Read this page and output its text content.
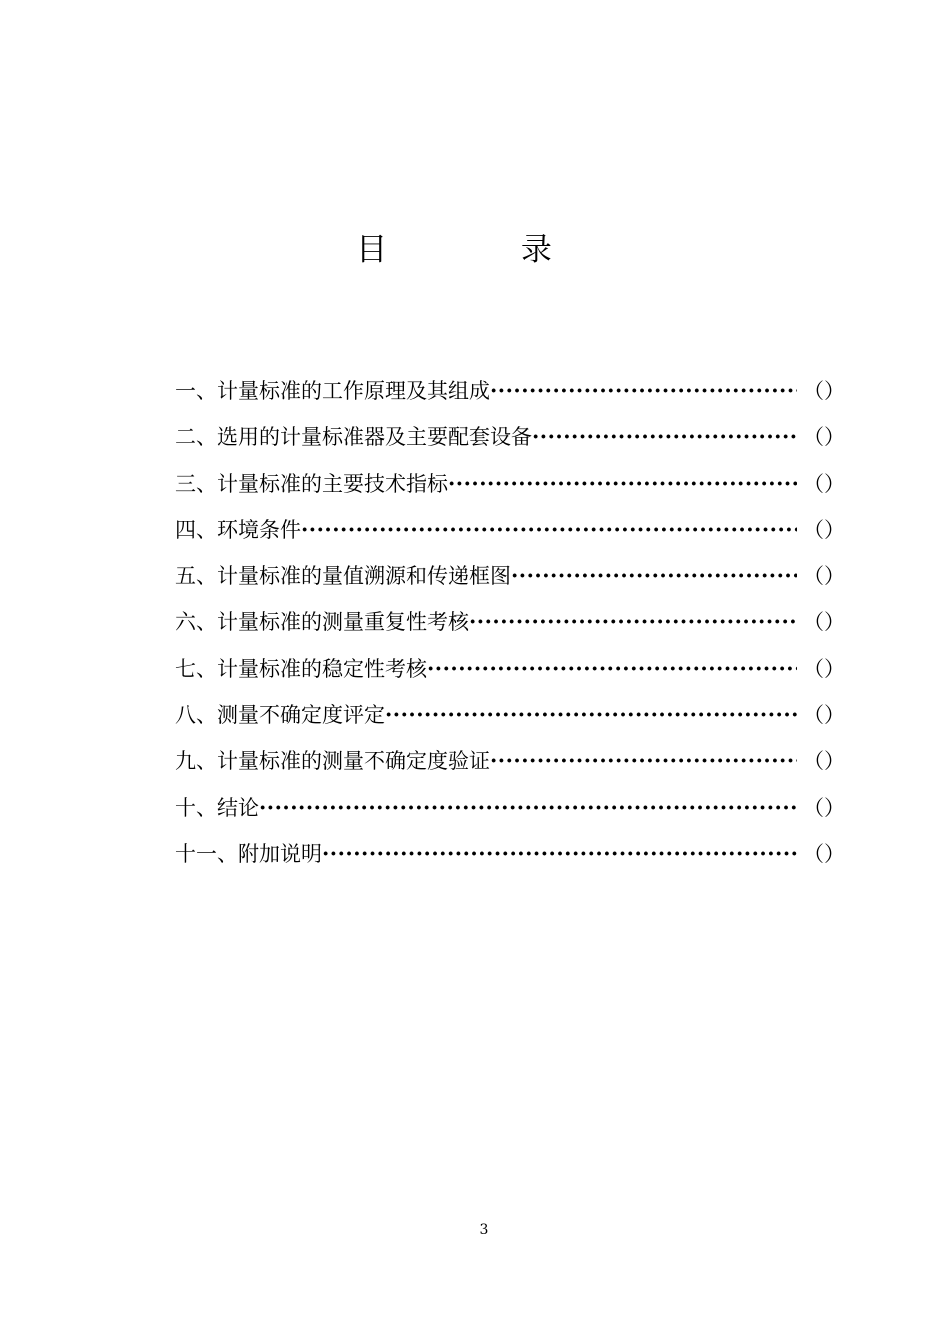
目 录
一、计量标准的工作原理及其组成 ·····	（ ）
二、选用的计量标准器及主要配套设备 ·····	（ ）
三、计量标准的主要技术指标 ·····	（ ）
四、环境条件 ·····	（ ）
五、计量标准的量值溯源和传递框图 ·····	（ ）
六、计量标准的测量重复性考核 ·····	（ ）
七、计量标准的稳定性考核 ·····	（ ）
八、测量不确定度评定 ·····	（ ）
九、计量标准的测量不确定度验证 ·····	（ ）
十、结论 ·····	（ ）
十一、附加说明 ·····	（ ）
3
